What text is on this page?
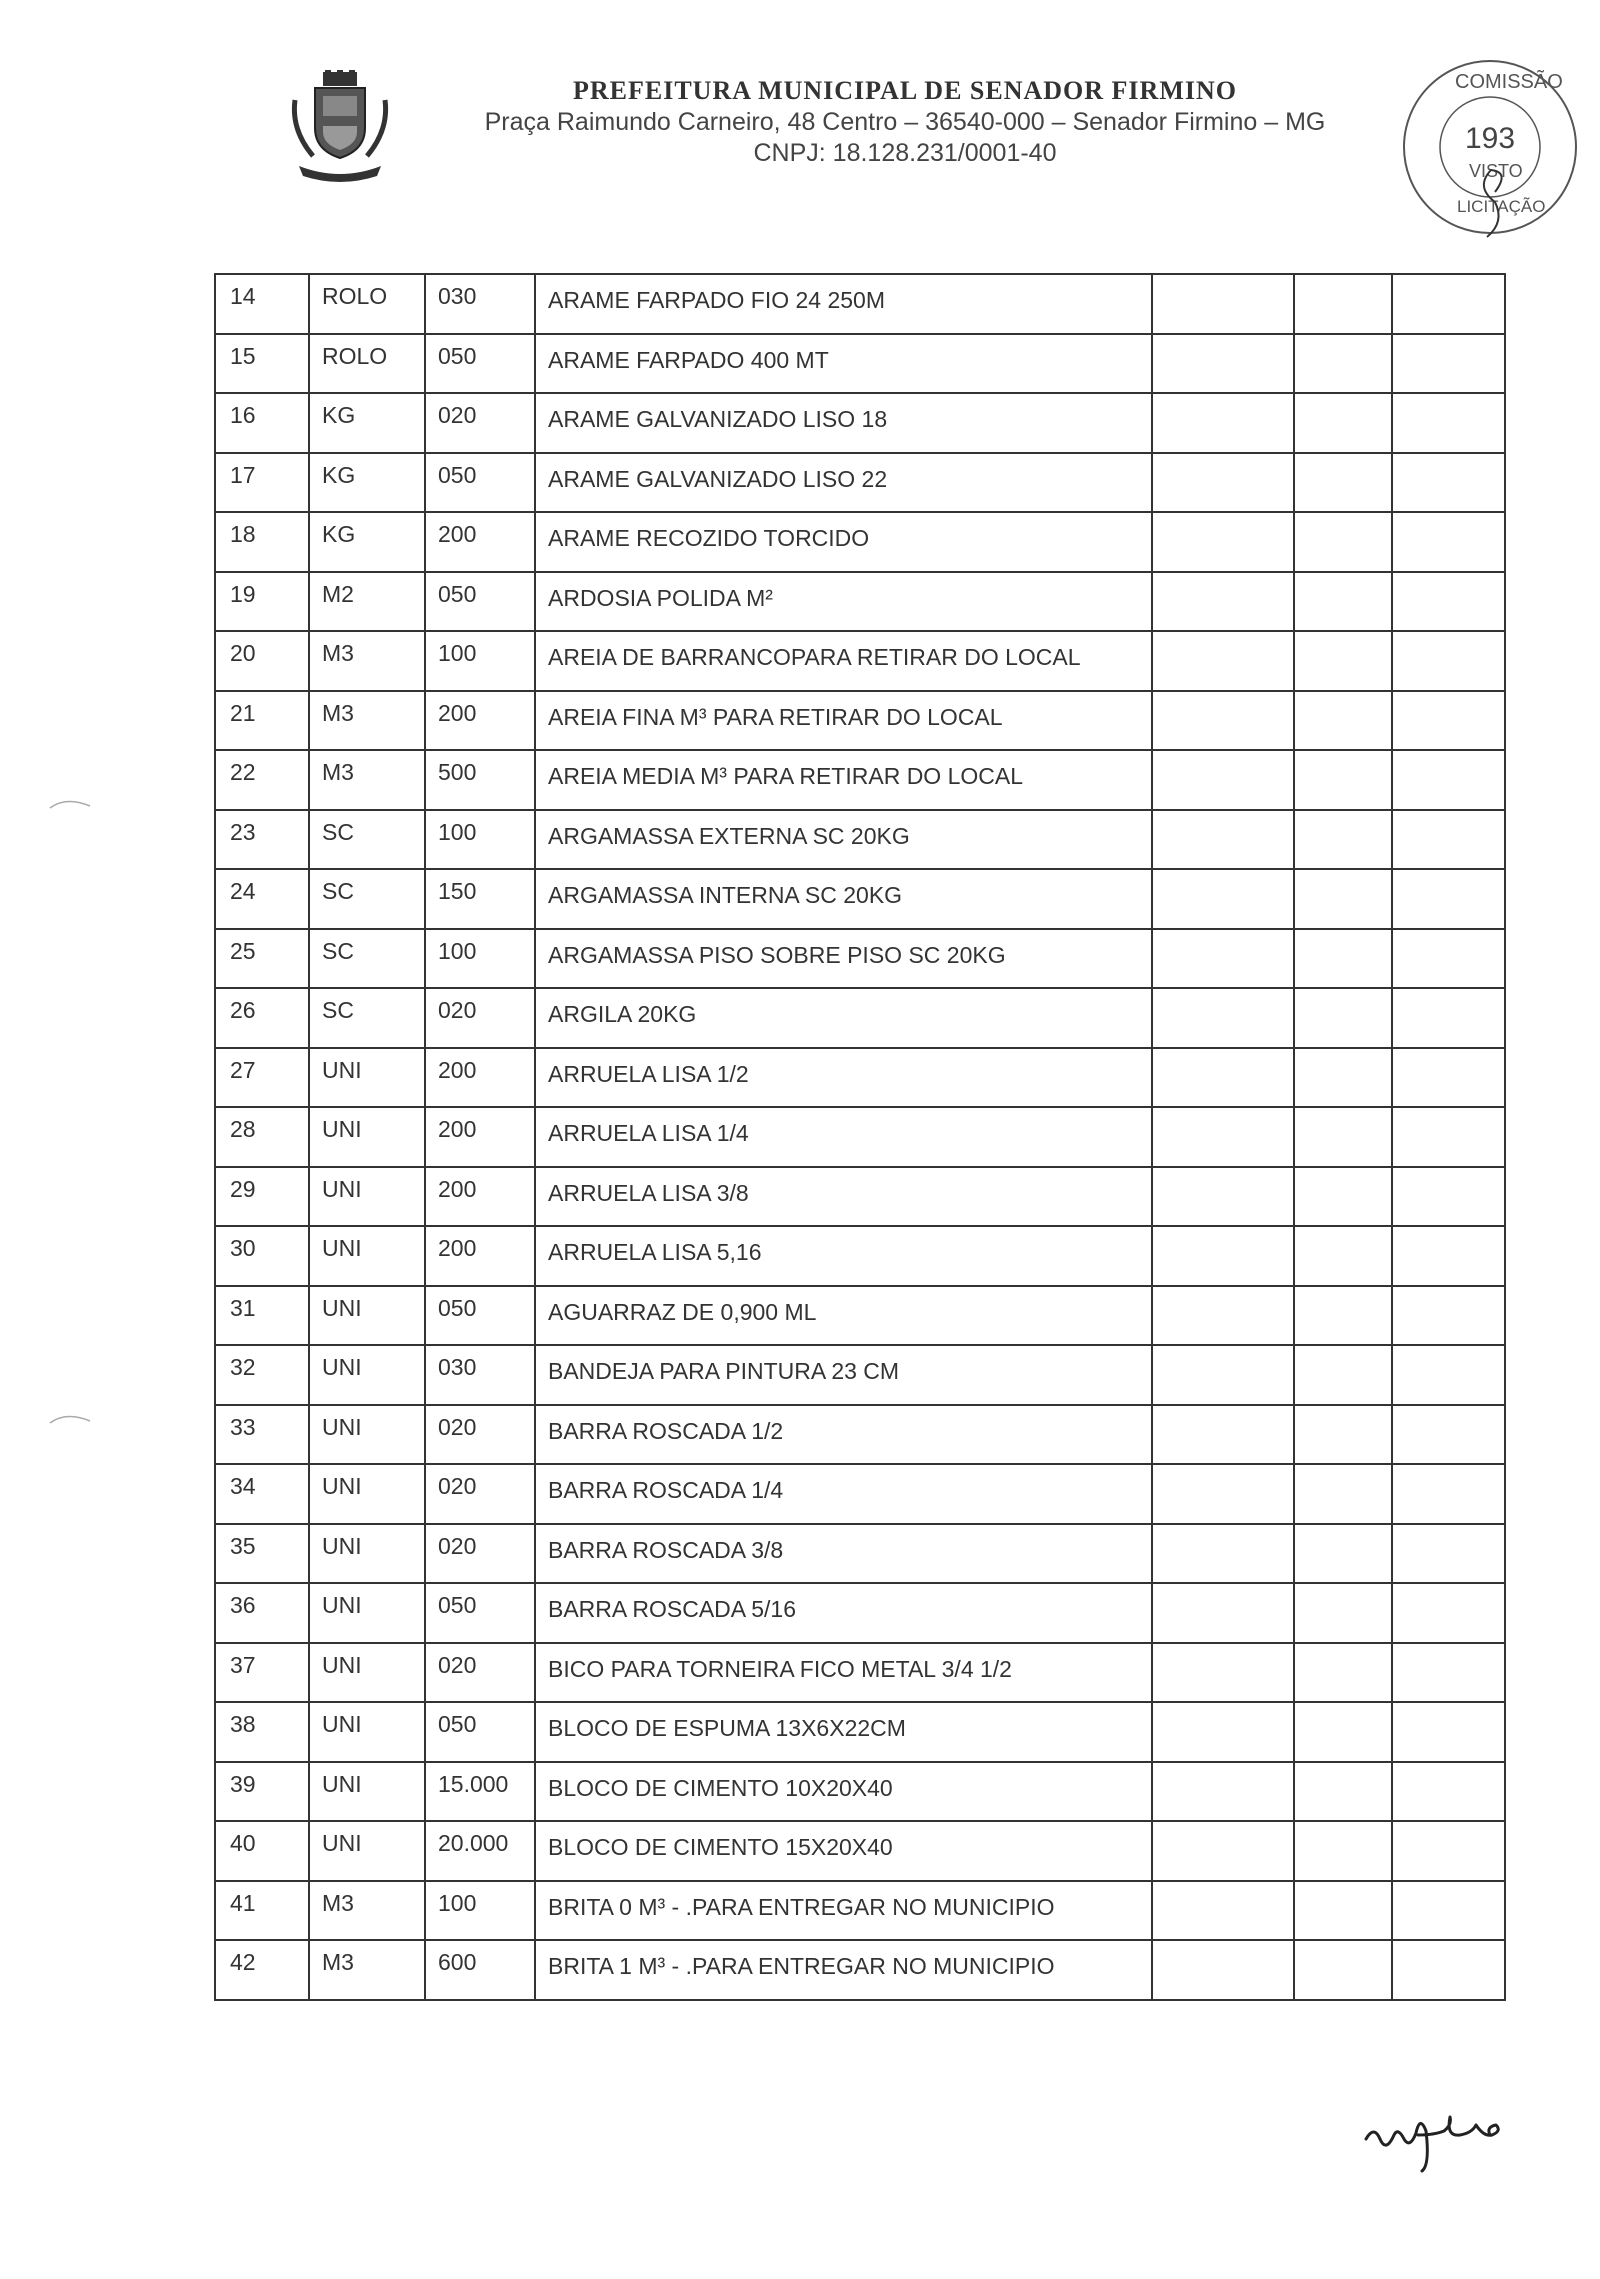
PREFEITURA MUNICIPAL DE SENADOR FIRMINO
Praça Raimundo Carneiro, 48 Centro – 36540-000 – Senador Firmino – MG
CNPJ: 18.128.231/0001-40
COMISSÃO
193
VISTO
LICITAÇÃO
14	ROLO	030	ARAME FARPADO FIO 24 250M			
15	ROLO	050	ARAME FARPADO 400 MT			
16	KG	020	ARAME GALVANIZADO LISO 18			
17	KG	050	ARAME GALVANIZADO LISO 22			
18	KG	200	ARAME RECOZIDO TORCIDO			
19	M2	050	ARDOSIA POLIDA M²			
20	M3	100	AREIA DE BARRANCOPARA RETIRAR DO LOCAL			
21	M3	200	AREIA FINA M³ PARA RETIRAR DO LOCAL			
22	M3	500	AREIA MEDIA M³ PARA RETIRAR DO LOCAL			
23	SC	100	ARGAMASSA EXTERNA SC 20KG			
24	SC	150	ARGAMASSA INTERNA SC 20KG			
25	SC	100	ARGAMASSA PISO SOBRE PISO SC 20KG			
26	SC	020	ARGILA 20KG			
27	UNI	200	ARRUELA LISA 1/2			
28	UNI	200	ARRUELA LISA 1/4			
29	UNI	200	ARRUELA LISA 3/8			
30	UNI	200	ARRUELA LISA 5,16			
31	UNI	050	AGUARRAZ DE 0,900 ML			
32	UNI	030	BANDEJA PARA PINTURA 23 CM			
33	UNI	020	BARRA ROSCADA 1/2			
34	UNI	020	BARRA ROSCADA 1/4			
35	UNI	020	BARRA ROSCADA 3/8			
36	UNI	050	BARRA ROSCADA 5/16			
37	UNI	020	BICO PARA TORNEIRA FICO METAL 3/4 1/2			
38	UNI	050	BLOCO DE ESPUMA 13X6X22CM			
39	UNI	15.000	BLOCO DE CIMENTO 10X20X40			
40	UNI	20.000	BLOCO DE CIMENTO 15X20X40			
41	M3	100	BRITA 0 M³ - .PARA ENTREGAR NO MUNICIPIO			
42	M3	600	BRITA 1 M³ - .PARA ENTREGAR NO MUNICIPIO			
